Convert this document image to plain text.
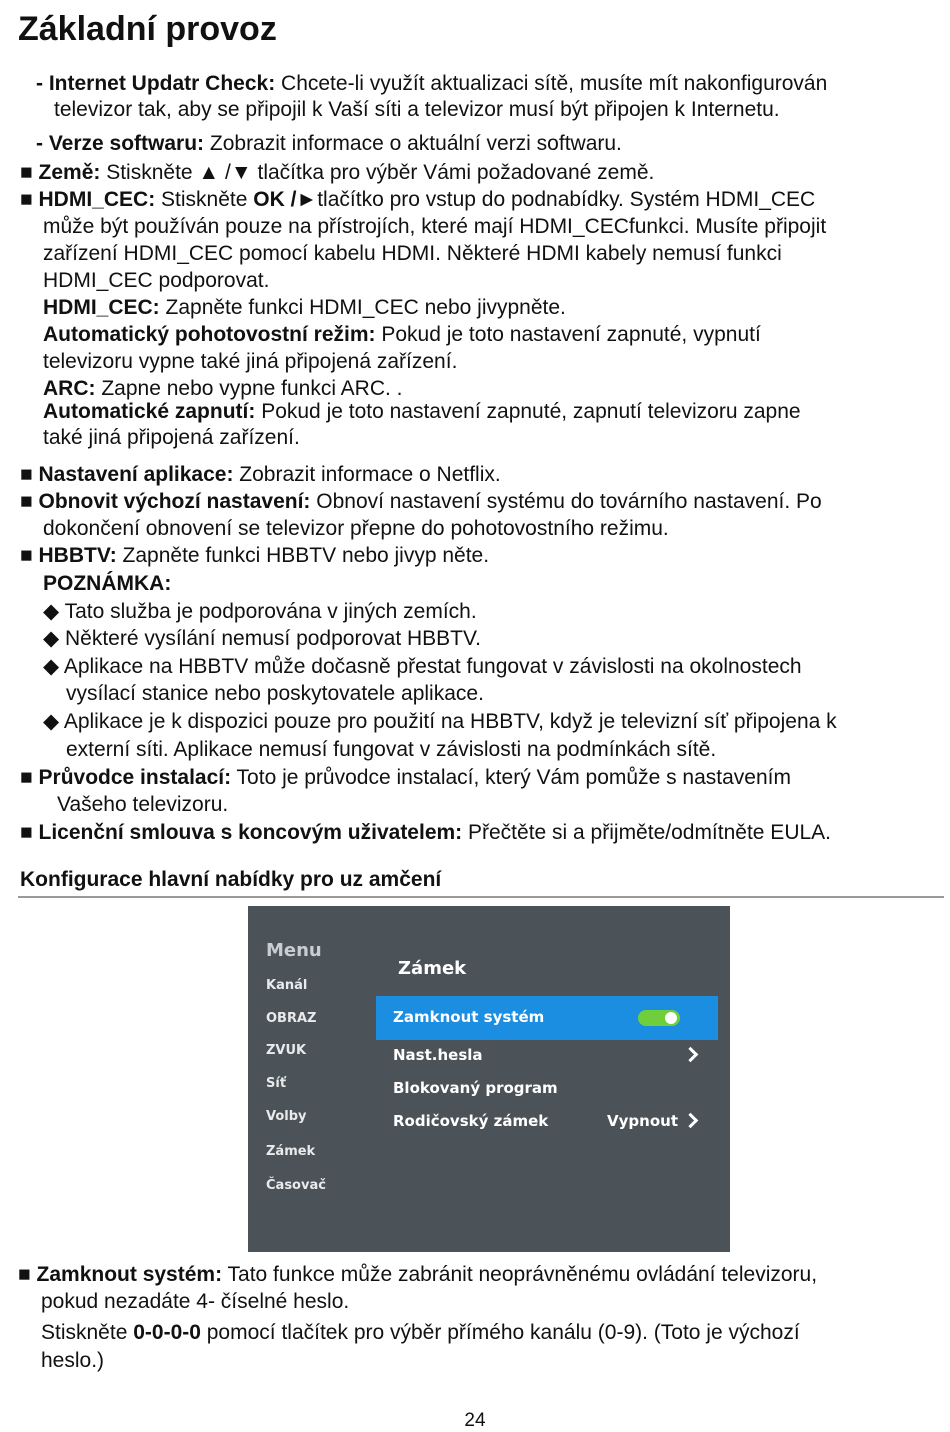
Základní provoz
- Internet Updatr Check: Chcete-li využít aktualizaci sítě, musíte mít nakonfigurován
televizor tak, aby se připojil k Vaší síti a televizor musí být připojen k Internetu.
- Verze softwaru: Zobrazit informace o aktuální verzi softwaru.
■ Země: Stiskněte ▲ /▼ tlačítka pro výběr Vámi požadované země.
■ HDMI_CEC: Stiskněte OK /►tlačítko pro vstup do podnabídky. Systém HDMI_CEC
může být používán pouze na přístrojích, které mají HDMI_CECfunkci. Musíte připojit
zařízení HDMI_CEC pomocí kabelu HDMI. Některé HDMI kabely nemusí funkci
HDMI_CEC podporovat.
HDMI_CEC: Zapněte funkci HDMI_CEC nebo jivypněte.
Automatický pohotovostní režim: Pokud je toto nastavení zapnuté, vypnutí
televizoru vypne také jiná připojená zařízení.
ARC: Zapne nebo vypne funkci ARC. .
Automatické zapnutí: Pokud je toto nastavení zapnuté, zapnutí televizoru zapne
také jiná připojená zařízení.
■ Nastavení aplikace: Zobrazit informace o Netflix.
■ Obnovit výchozí nastavení: Obnoví nastavení systému do továrního nastavení. Po
dokončení obnovení se televizor přepne do pohotovostního režimu.
■ HBBTV: Zapněte funkci HBBTV nebo jivyp něte.
POZNÁMKA:
◆ Tato služba je podporována v jiných zemích.
◆ Některé vysílání nemusí podporovat HBBTV.
◆ Aplikace na HBBTV může dočasně přestat fungovat v závislosti na okolnostech
vysílací stanice nebo poskytovatele aplikace.
◆ Aplikace je k dispozici pouze pro použití na HBBTV, když je televizní síť připojena k
externí síti. Aplikace nemusí fungovat v závislosti na podmínkách sítě.
■ Průvodce instalací: Toto je průvodce instalací, který Vám pomůže s nastavením
Vašeho televizoru.
■ Licenční smlouva s koncovým uživatelem: Přečtěte si a přijměte/odmítněte EULA.
Konfigurace hlavní nabídky pro uz amčení
Menu
Kanál
OBRAZ
ZVUK
Síť
Volby
Zámek
Časovač
Zámek
Zamknout systém
Nast.hesla
Blokovaný program
Rodičovský zámek	Vypnout
■ Zamknout systém: Tato funkce může zabránit neoprávněnému ovládání televizoru,
pokud nezadáte 4- číselné heslo.
Stiskněte 0-0-0-0 pomocí tlačítek pro výběr přímého kanálu (0-9). (Toto je výchozí
heslo.)
24
